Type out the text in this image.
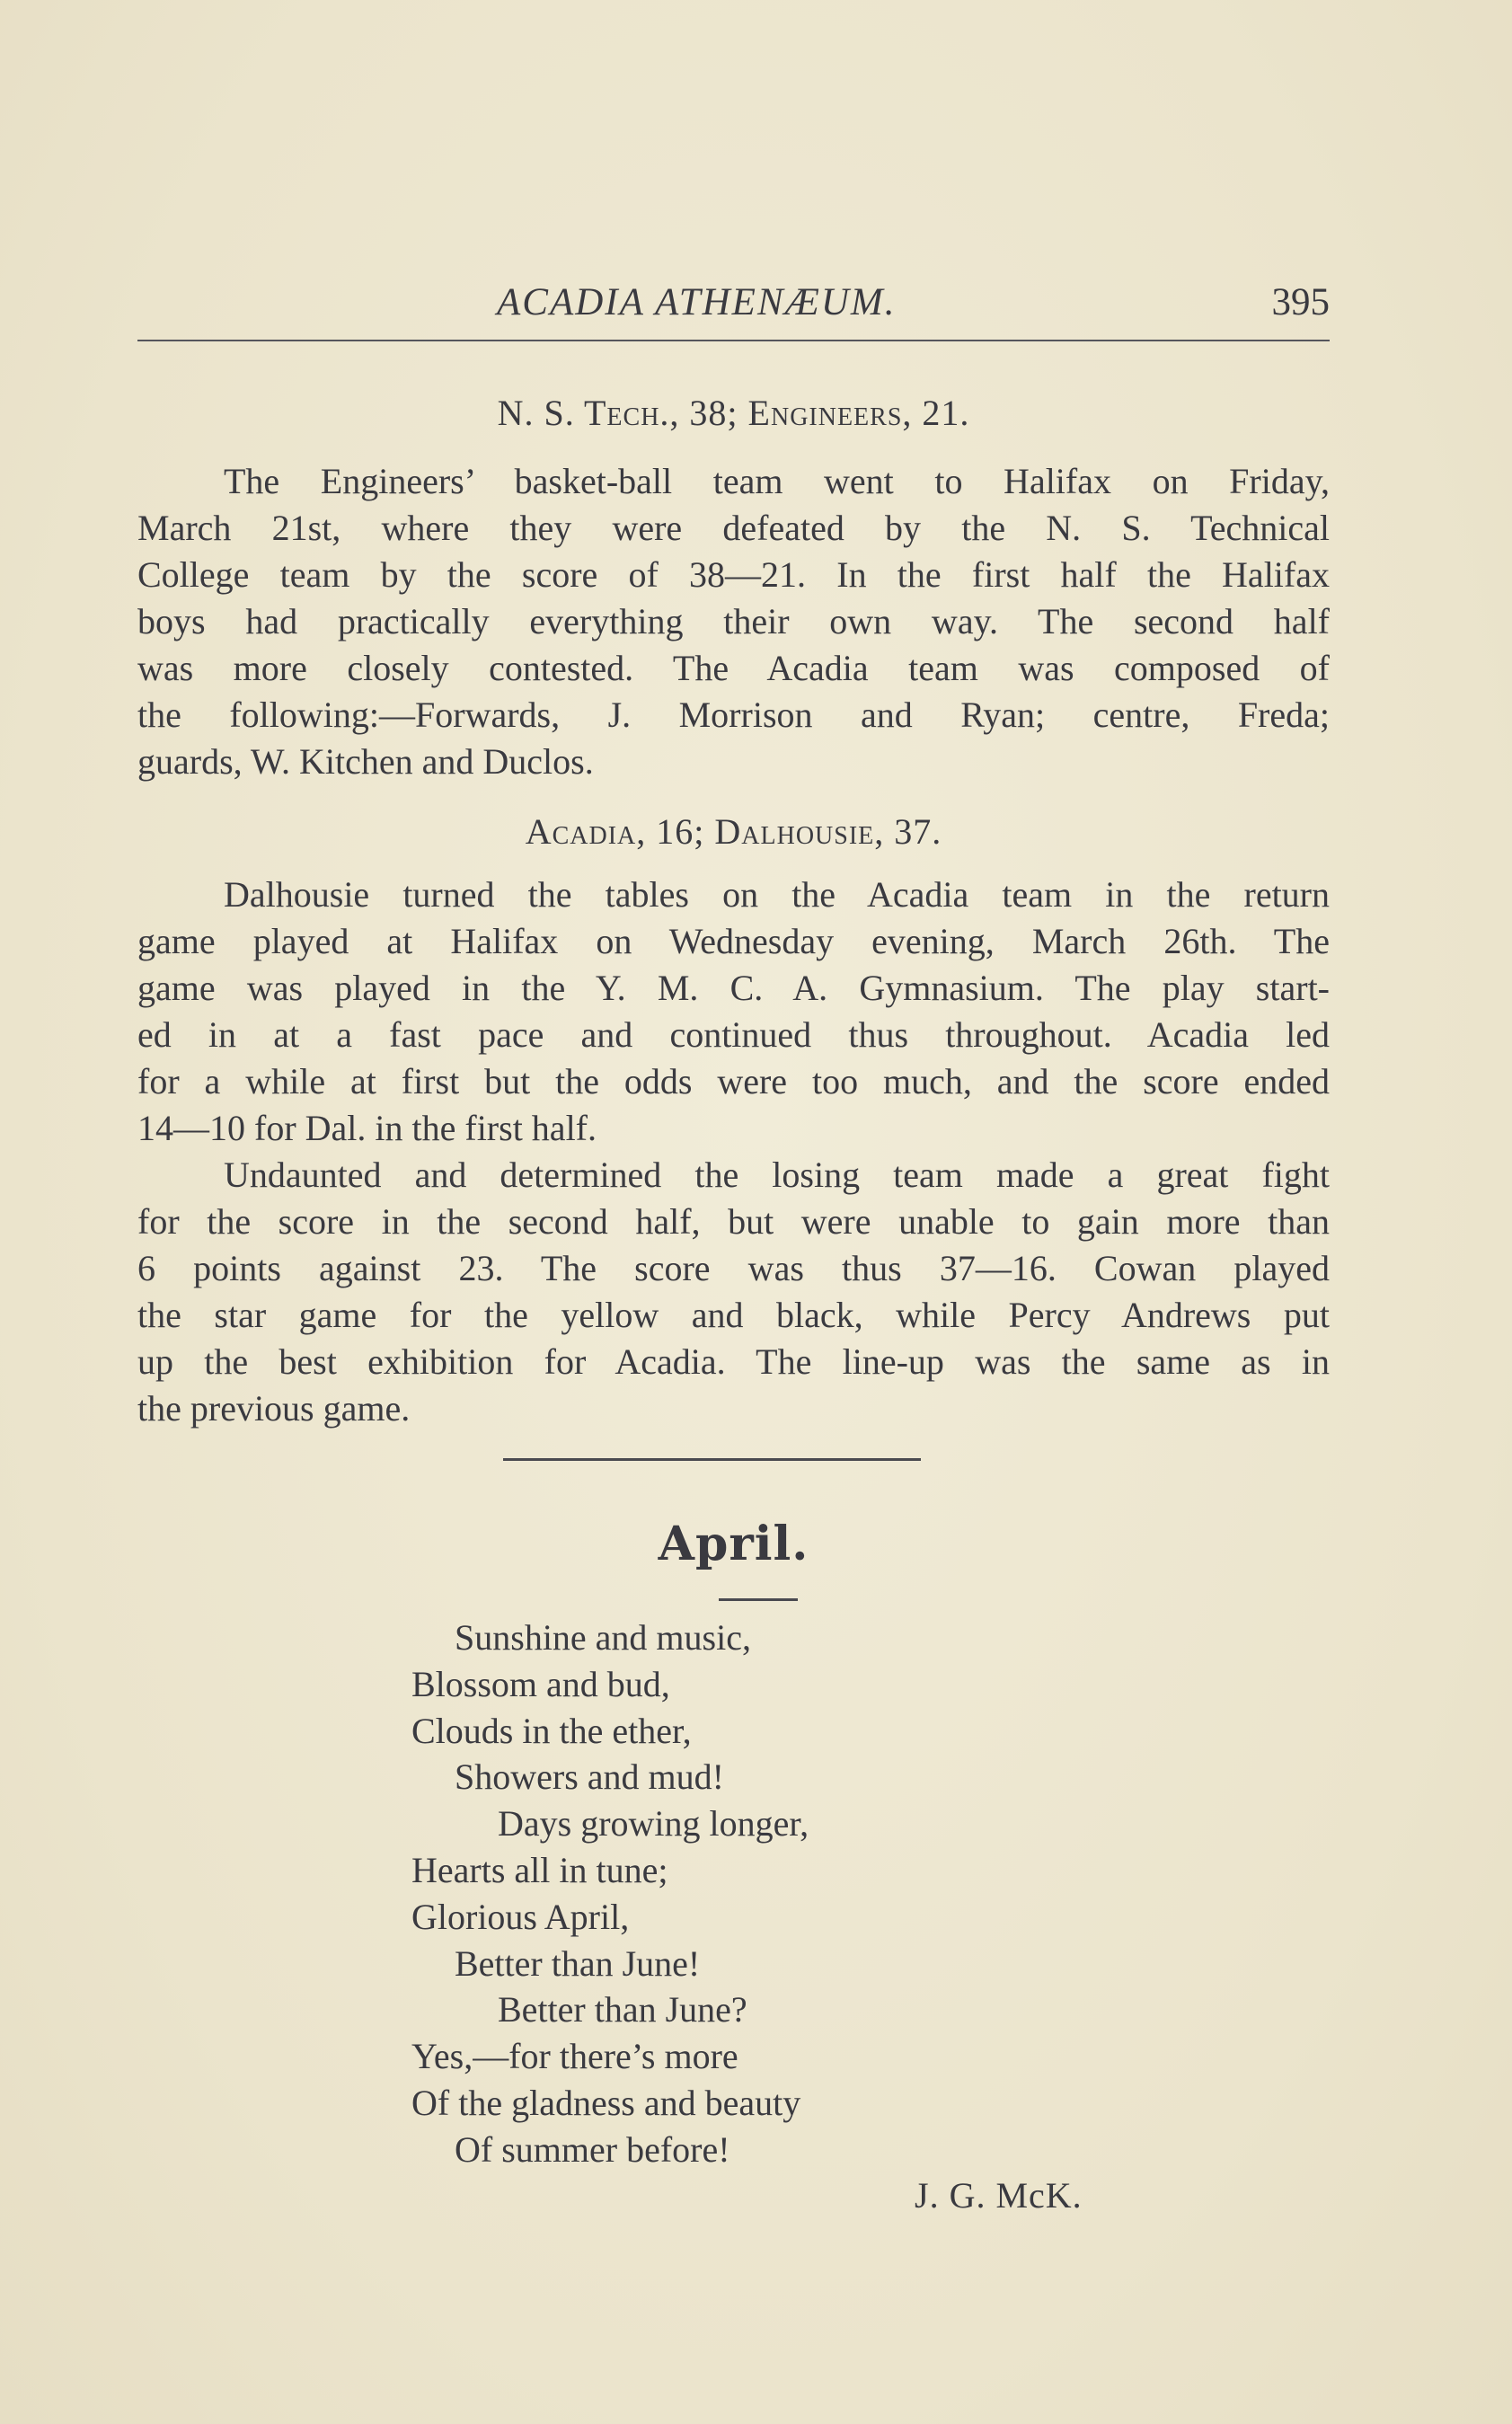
ACADIA ATHENÆUM.	395
N. S. Tech., 38; Engineers, 21.
The Engineers’ basket-ball team went to Halifax on Friday,
March 21st, where they were defeated by the N. S. Technical
College team by the score of 38—21. In the first half the Halifax
boys had practically everything their own way. The second half
was more closely contested. The Acadia team was composed of
the following:—Forwards, J. Morrison and Ryan; centre, Freda;
guards, W. Kitchen and Duclos.
Acadia, 16; Dalhousie, 37.
Dalhousie turned the tables on the Acadia team in the return
game played at Halifax on Wednesday evening, March 26th. The
game was played in the Y. M. C. A. Gymnasium. The play start-
ed in at a fast pace and continued thus throughout. Acadia led
for a while at first but the odds were too much, and the score ended
14—10 for Dal. in the first half.
Undaunted and determined the losing team made a great fight
for the score in the second half, but were unable to gain more than
6 points against 23. The score was thus 37—16. Cowan played
the star game for the yellow and black, while Percy Andrews put
up the best exhibition for Acadia. The line-up was the same as in
the previous game.
April.
Sunshine and music,
Blossom and bud,
Clouds in the ether,
Showers and mud!
Days growing longer,
Hearts all in tune;
Glorious April,
Better than June!
Better than June?
Yes,—for there’s more
Of the gladness and beauty
Of summer before!
J. G. McK.
